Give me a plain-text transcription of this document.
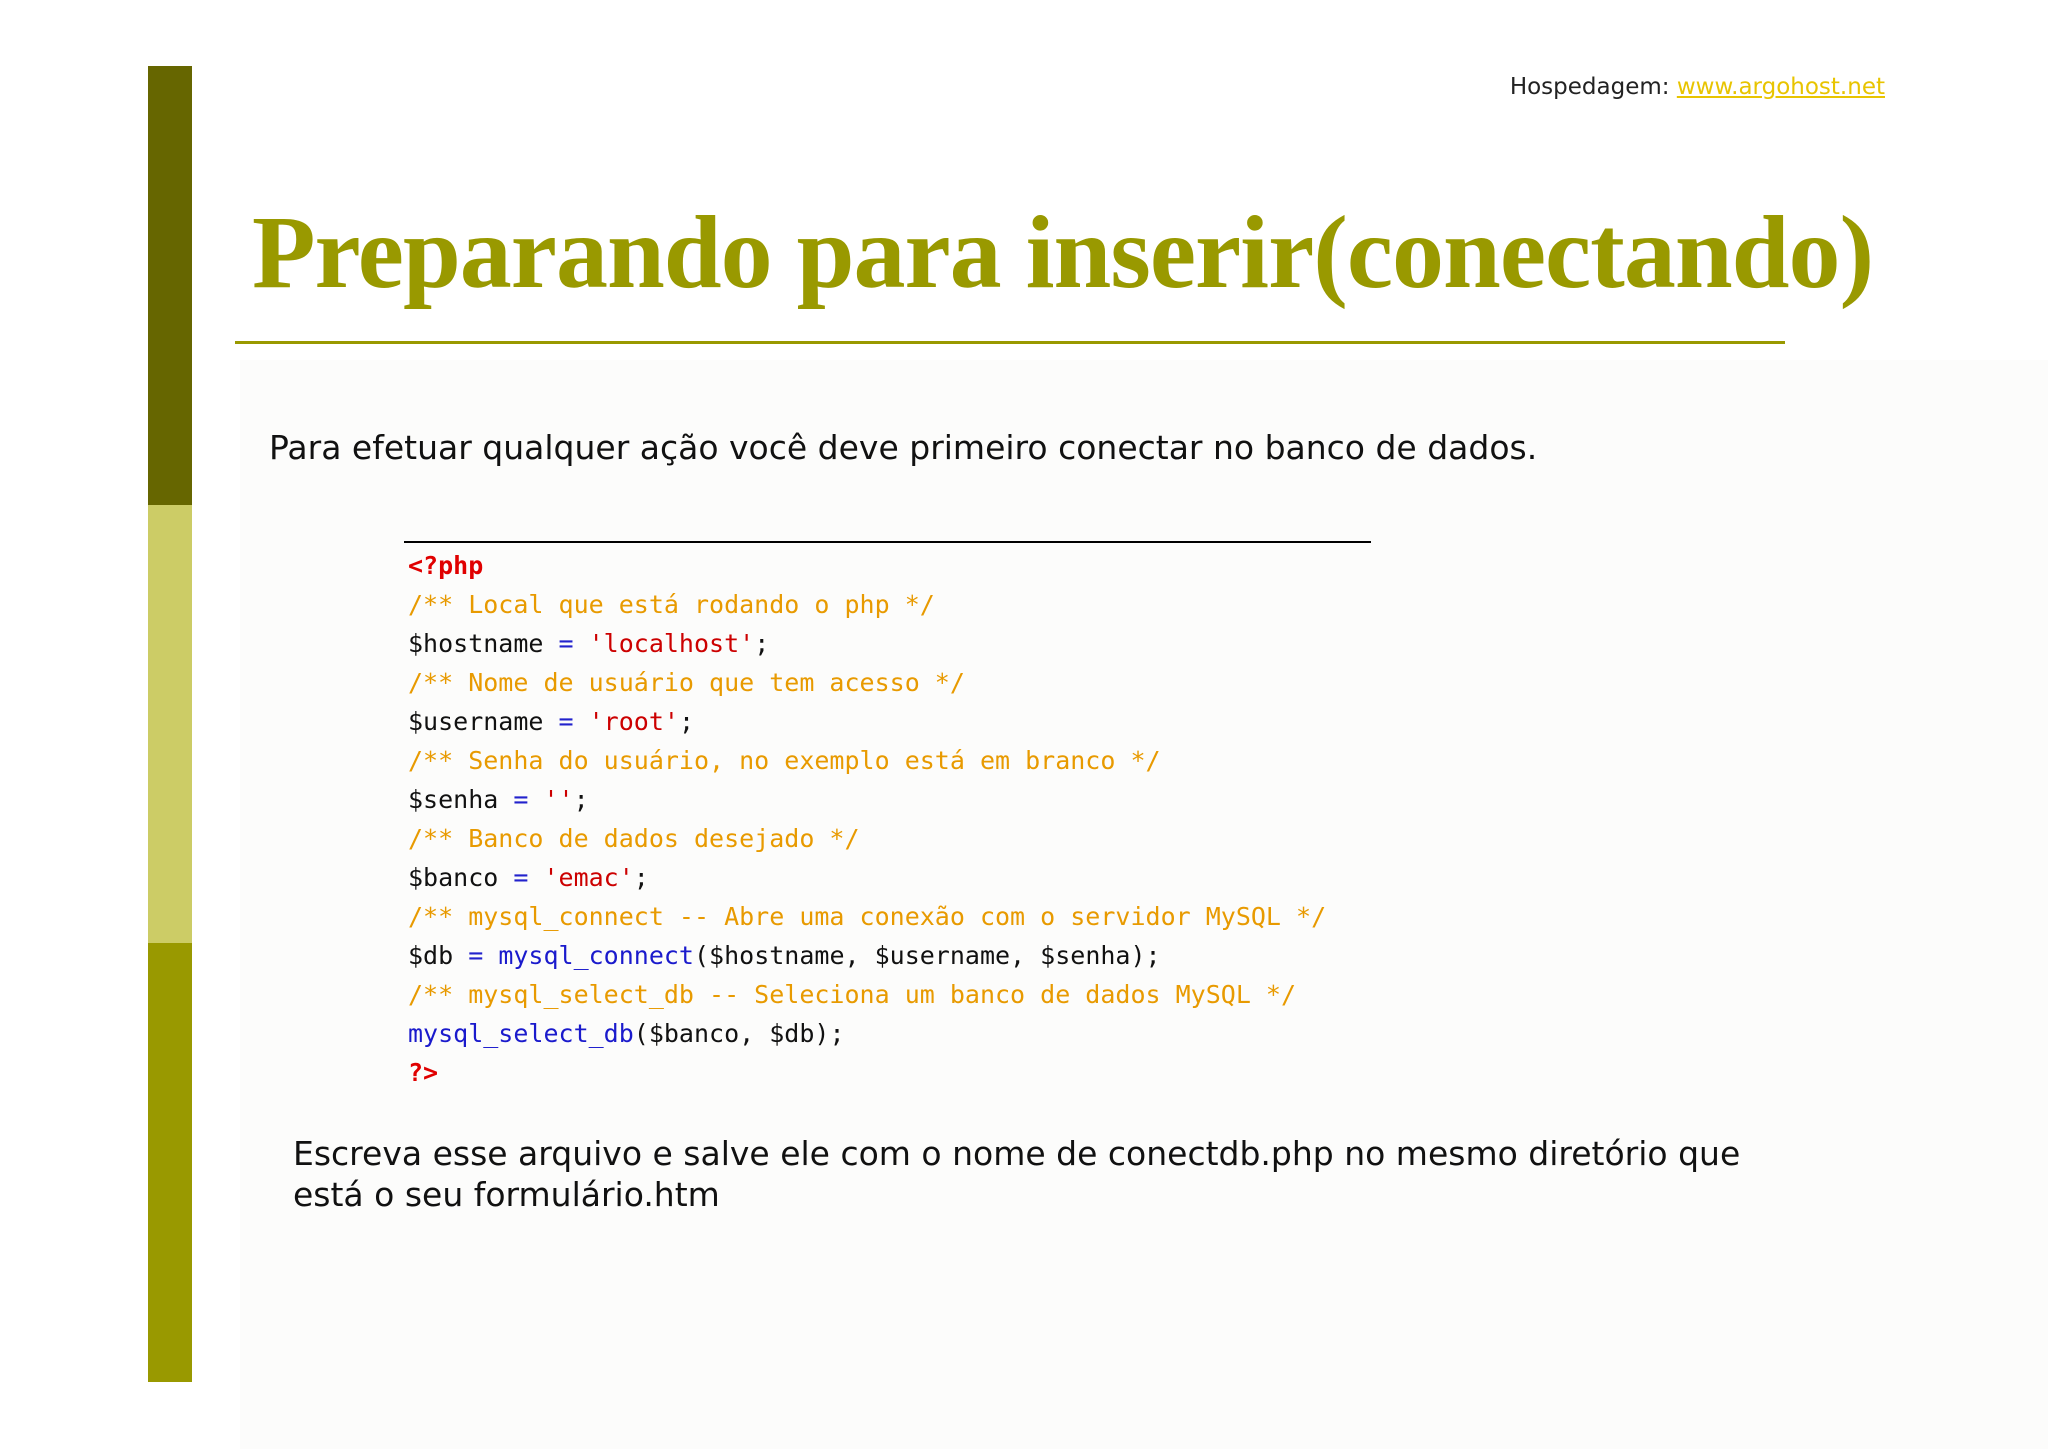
Hospedagem: www.argohost.net
Preparando para inserir(conectando)
Para efetuar qualquer ação você deve primeiro conectar no banco de dados.
<?php
/** Local que está rodando o php */
$hostname = 'localhost';
/** Nome de usuário que tem acesso */
$username = 'root';
/** Senha do usuário, no exemplo está em branco */
$senha = '';
/** Banco de dados desejado */
$banco = 'emac';
/** mysql_connect -- Abre uma conexão com o servidor MySQL */
$db = mysql_connect($hostname, $username, $senha);
/** mysql_select_db -- Seleciona um banco de dados MySQL */
mysql_select_db($banco, $db);
?>
Escreva esse arquivo e salve ele com o nome de conectdb.php no mesmo diretório que
está o seu formulário.htm
